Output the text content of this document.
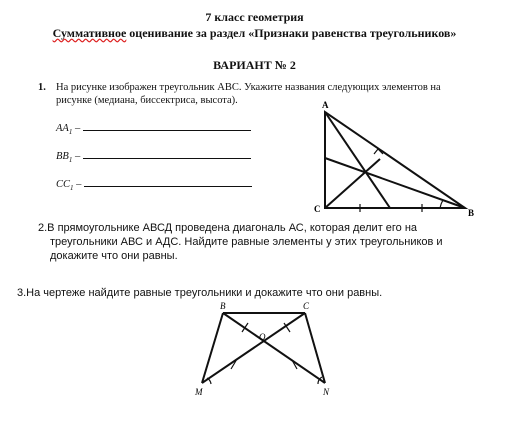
7 класс геометрия
Суммативное оценивание за раздел «Признаки равенства треугольников»
ВАРИАНТ № 2
1. На рисунке изображен треугольник ABC. Укажите названия следующих элементов на
рисунке (медиана, биссектриса, высота).
$AA_1$ –
$BB_1$ –
$CC_1$ –
A
C	B
2.В прямоугольнике АВСД проведена диагональ АС, которая делит его на
треугольники АВС и АДС. Найдите равные элементы у этих треугольников и
докажите что они равны.
3.На чертеже найдите равные треугольники и докажите что они равны.
B	C
O
M	N
